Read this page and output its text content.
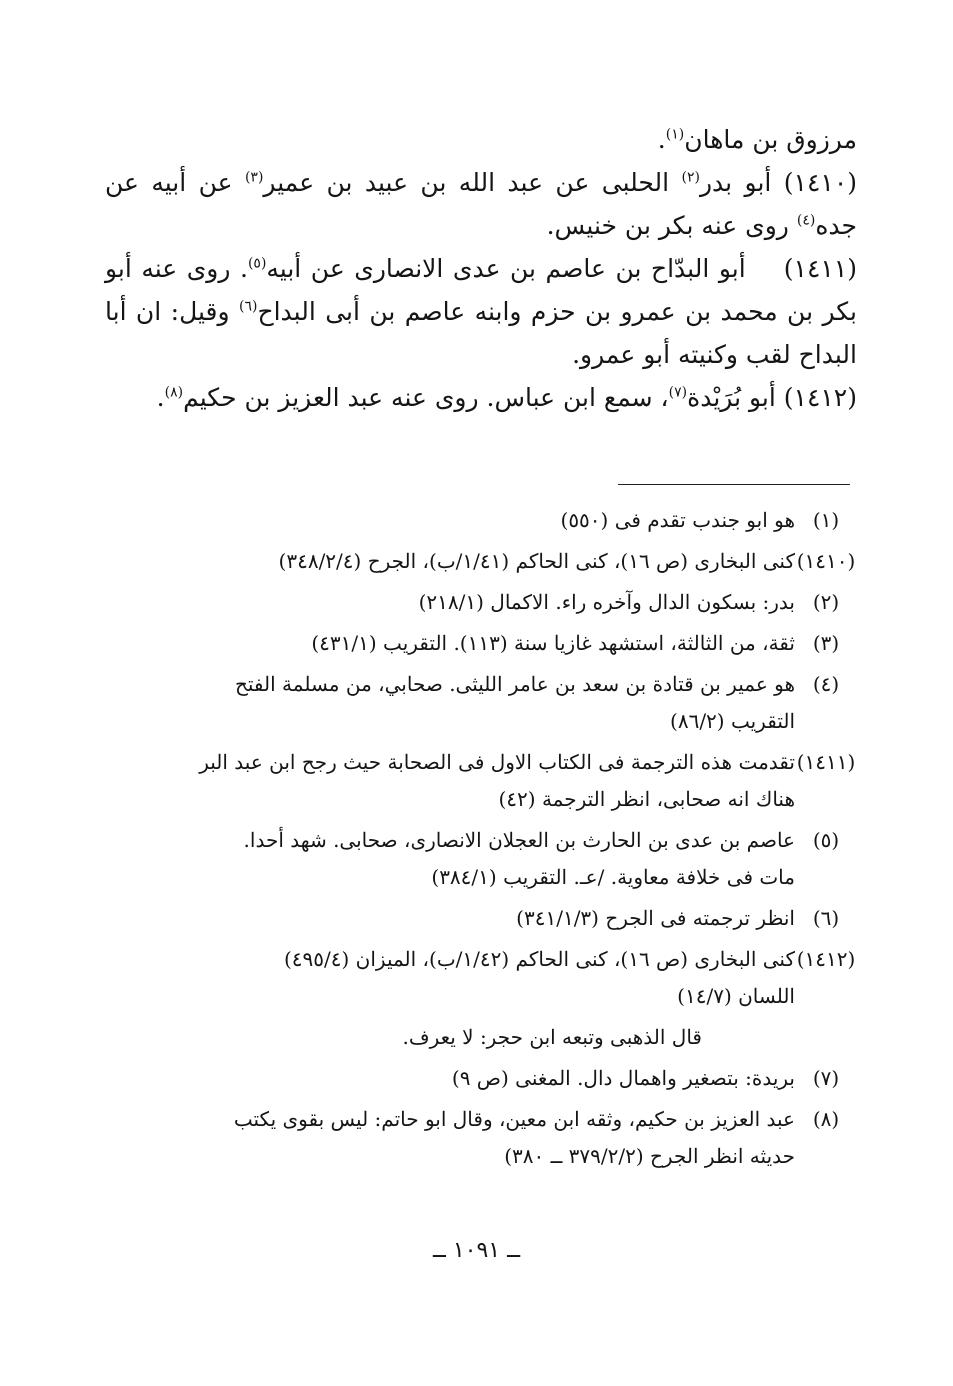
مرزوق بن ماهان$^{(١)}$.

(١٤١٠) أبو بدر$^{(٢)}$ الحلبى عن عبد الله بن عبيد بن عمير$^{(٣)}$ عن أبيه عن جده$^{(٤)}$ روى عنه بكر بن خنيس.

(١٤١١)    أبو البدّاح بن عاصم بن عدى الانصارى عن أبيه$^{(٥)}$. روى عنه أبو بكر بن محمد بن عمرو بن حزم وابنه عاصم بن أبى البداح$^{(٦)}$ وقيل: ان أبا البداح لقب وكنيته أبو عمرو.

(١٤١٢) أبو بُرَيْدة$^{(٧)}$، سمع ابن عباس. روى عنه عبد العزيز بن حكيم$^{(٨)}$.

(١)
هو ابو جندب تقدم فى (٥٥٠)
(١٤١٠)
كنى البخارى (ص ١٦)، كنى الحاكم (١/٤١/ب)، الجرح (٣٤٨/٢/٤)
(٢)
بدر: بسكون الدال وآخره راء. الاكمال (٢١٨/١)
(٣)
ثقة، من الثالثة، استشهد غازيا سنة (١١٣). التقريب (٤٣١/١)
(٤)
هو عمير بن قتادة بن سعد بن عامر الليثى. صحابي، من مسلمة الفتح
التقريب (٨٦/٢)
(١٤١١)
تقدمت هذه الترجمة فى الكتاب الاول فى الصحابة حيث رجح ابن عبد البر
هناك انه صحابى، انظر الترجمة (٤٢)
(٥)
عاصم بن عدى بن الحارث بن العجلان الانصارى، صحابى. شهد أحدا.
مات فى خلافة معاوية. /عـ. التقريب (٣٨٤/١)
(٦)
انظر ترجمته فى الجرح (٣٤١/١/٣)
(١٤١٢)
كنى البخارى (ص ١٦)، كنى الحاكم (١/٤٢/ب)، الميزان (٤٩٥/٤)
اللسان (١٤/٧)
قال الذهبى وتبعه ابن حجر: لا يعرف.
(٧)
بريدة: بتصغير واهمال دال. المغنى (ص ٩)
(٨)
عبد العزيز بن حكيم، وثقه ابن معين، وقال ابو حاتم: ليس بقوى يكتب
حديثه انظر الجرح (٣٧٩/٢/٢ ــ ٣٨٠)
ــ ١٠٩١ ــ
